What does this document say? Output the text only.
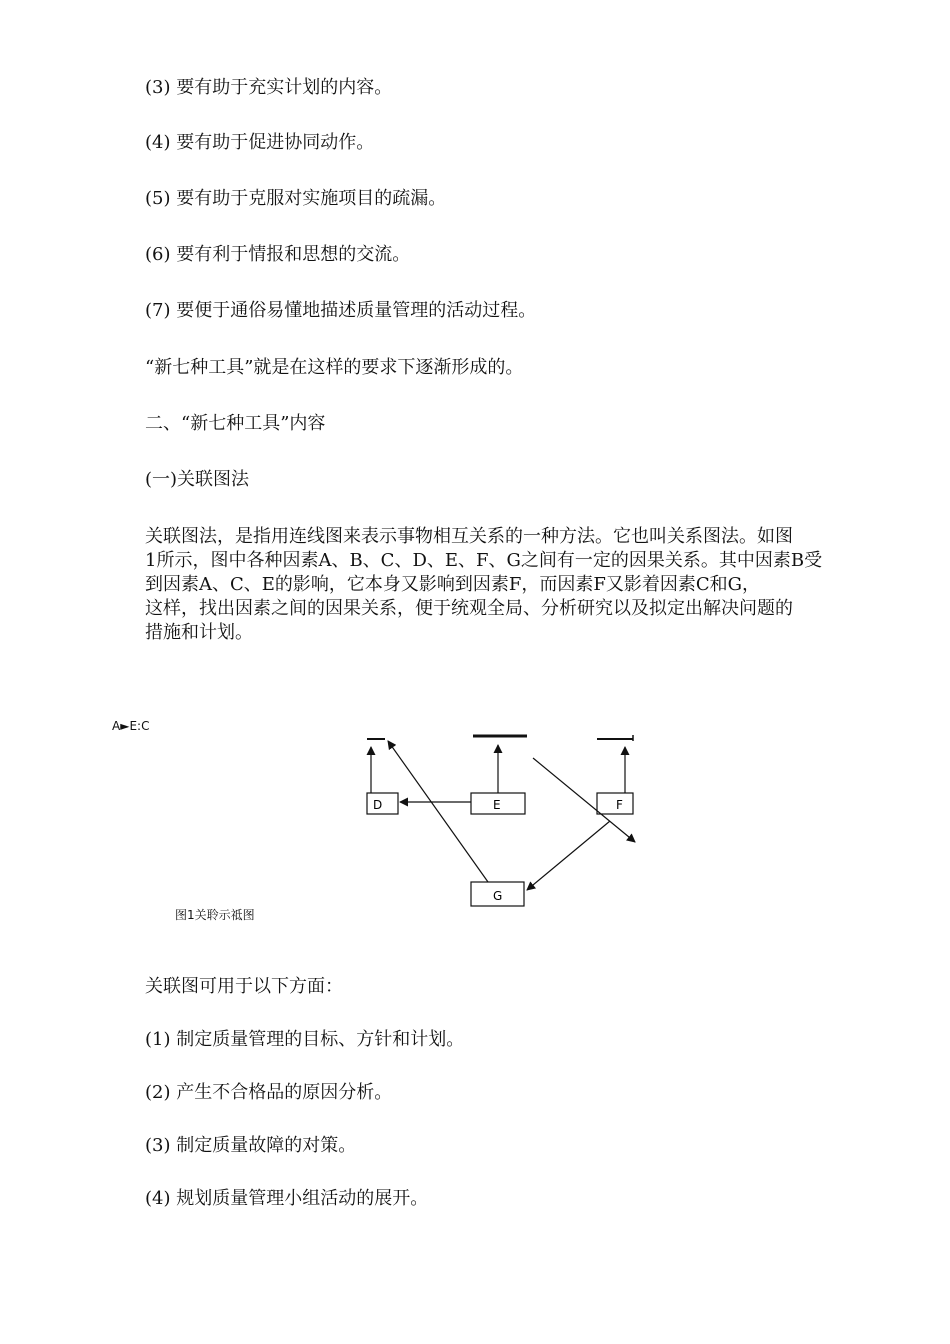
(3) 要有助于充实计划的内容。
(4) 要有助于促进协同动作。
(5) 要有助于克服对实施项目的疏漏。
(6) 要有利于情报和思想的交流。
(7) 要便于通俗易懂地描述质量管理的活动过程。
“新七种工具”就是在这样的要求下逐渐形成的。
二、“新七种工具”内容
(一)关联图法
关联图法，是指用连线图来表示事物相互关系的一种方法。它也叫关系图法。如图
1所示，图中各种因素A、B、C、D、E、F、G之间有一定的因果关系。其中因素B受
到因素A、C、E的影响，它本身又影响到因素F，而因素F又影着因素C和G，
这样，找出因素之间的因果关系，便于统观全局、分析研究以及拟定出解决问题的
措施和计划。
A►E:C
D	E	F
G
图1关聆示祗图
关联图可用于以下方面：
(1) 制定质量管理的目标、方针和计划。
(2) 产生不合格品的原因分析。
(3) 制定质量故障的对策。
(4) 规划质量管理小组活动的展开。
